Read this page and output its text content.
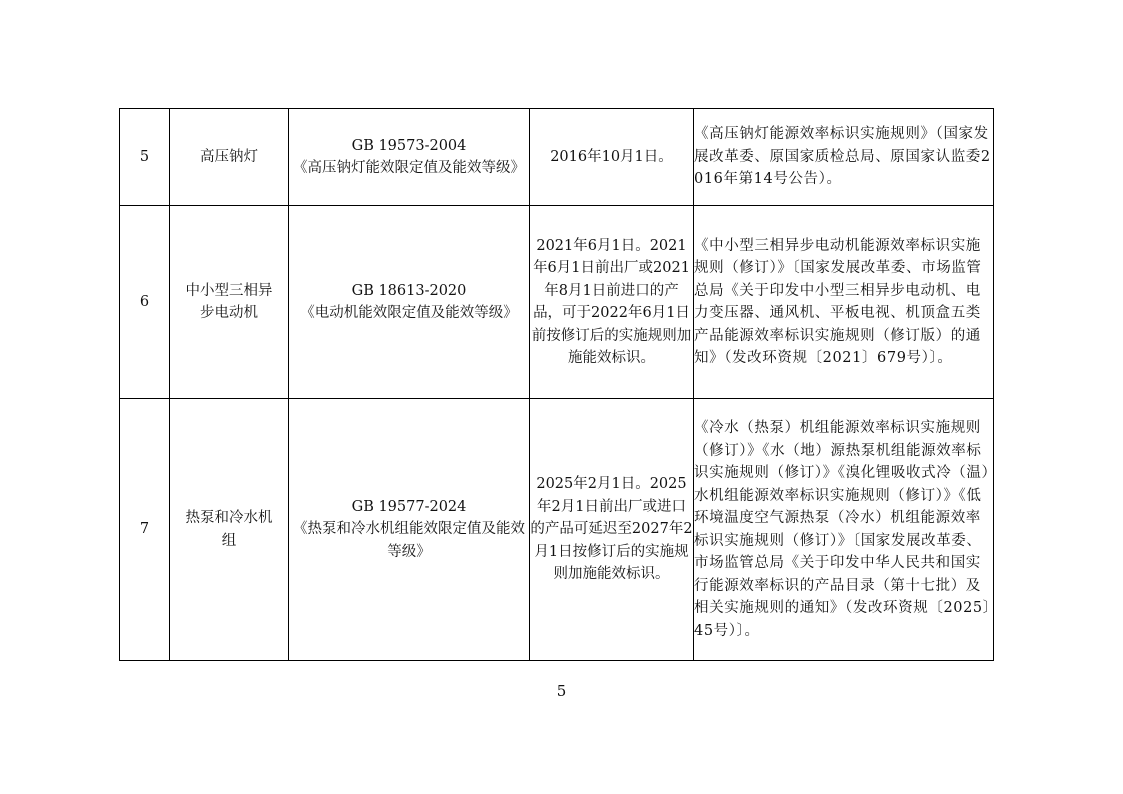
5	高压钠灯	GB 19573-2004
《高压钠灯能效限定值及能效等级》	2016年10月1日。	《高压钠灯能源效率标识实施规则》（国家发展改革委、原国家质检总局、原国家认监委2016年第14号公告）。
6	中小型三相异步电动机	GB 18613-2020
《电动机能效限定值及能效等级》	2021年6月1日。2021年6月1日前出厂或2021年8月1日前进口的产品，可于2022年6月1日前按修订后的实施规则加施能效标识。	《中小型三相异步电动机能源效率标识实施规则（修订）》〔国家发展改革委、市场监管总局《关于印发中小型三相异步电动机、电力变压器、通风机、平板电视、机顶盒五类产品能源效率标识实施规则（修订版）的通知》（发改环资规〔2021〕679号）〕。
7	热泵和冷水机组	GB 19577-2024
《热泵和冷水机组能效限定值及能效等级》	2025年2月1日。2025年2月1日前出厂或进口的产品可延迟至2027年2月1日按修订后的实施规则加施能效标识。	《冷水（热泵）机组能源效率标识实施规则（修订）》《水（地）源热泵机组能源效率标识实施规则（修订）》《溴化锂吸收式冷（温）水机组能源效率标识实施规则（修订）》《低环境温度空气源热泵（冷水）机组能源效率标识实施规则（修订）》〔国家发展改革委、市场监管总局《关于印发中华人民共和国实行能源效率标识的产品目录（第十七批）及相关实施规则的通知》（发改环资规〔2025〕45号）〕。
5
